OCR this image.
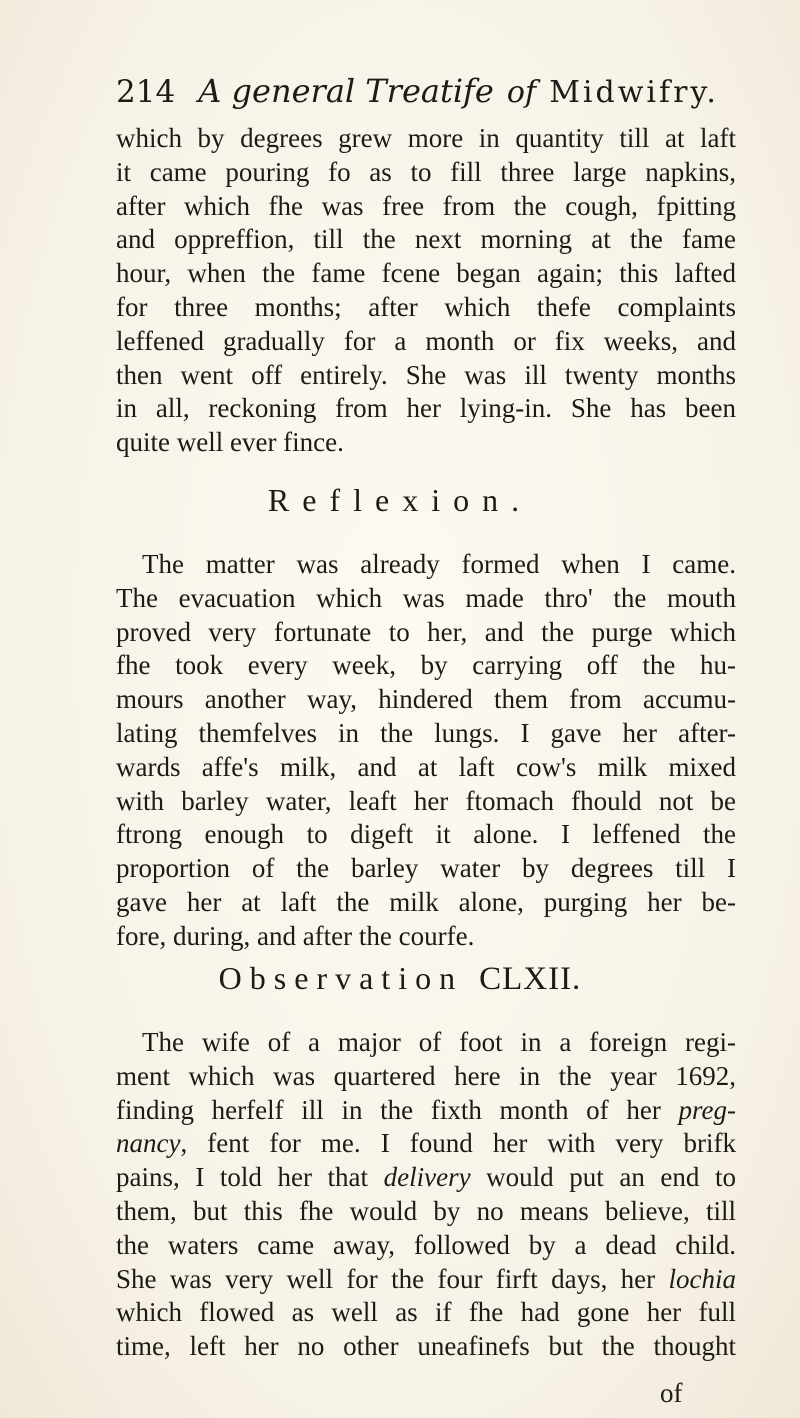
214 A general Treatife of Midwifry.
which by degrees grew more in quantity till at laft
it came pouring fo as to fill three large napkins,
after which fhe was free from the cough, fpitting
and oppreffion, till the next morning at the fame
hour, when the fame fcene began again; this lafted
for three months; after which thefe complaints
leffened gradually for a month or fix weeks, and
then went off entirely. She was ill twenty months
in all, reckoning from her lying-in. She has been
quite well ever fince.
Reflexion.
The matter was already formed when I came.
The evacuation which was made thro' the mouth
proved very fortunate to her, and the purge which
fhe took every week, by carrying off the hu-
mours another way, hindered them from accumu-
lating themfelves in the lungs. I gave her after-
wards affe's milk, and at laft cow's milk mixed
with barley water, leaft her ftomach fhould not be
ftrong enough to digeft it alone. I leffened the
proportion of the barley water by degrees till I
gave her at laft the milk alone, purging her be-
fore, during, and after the courfe.
Observation CLXII.
The wife of a major of foot in a foreign regi-
ment which was quartered here in the year 1692,
finding herfelf ill in the fixth month of her preg-
nancy, fent for me. I found her with very brifk
pains, I told her that delivery would put an end to
them, but this fhe would by no means believe, till
the waters came away, followed by a dead child.
She was very well for the four firft days, her lochia
which flowed as well as if fhe had gone her full
time, left her no other uneafinefs but the thought
of
